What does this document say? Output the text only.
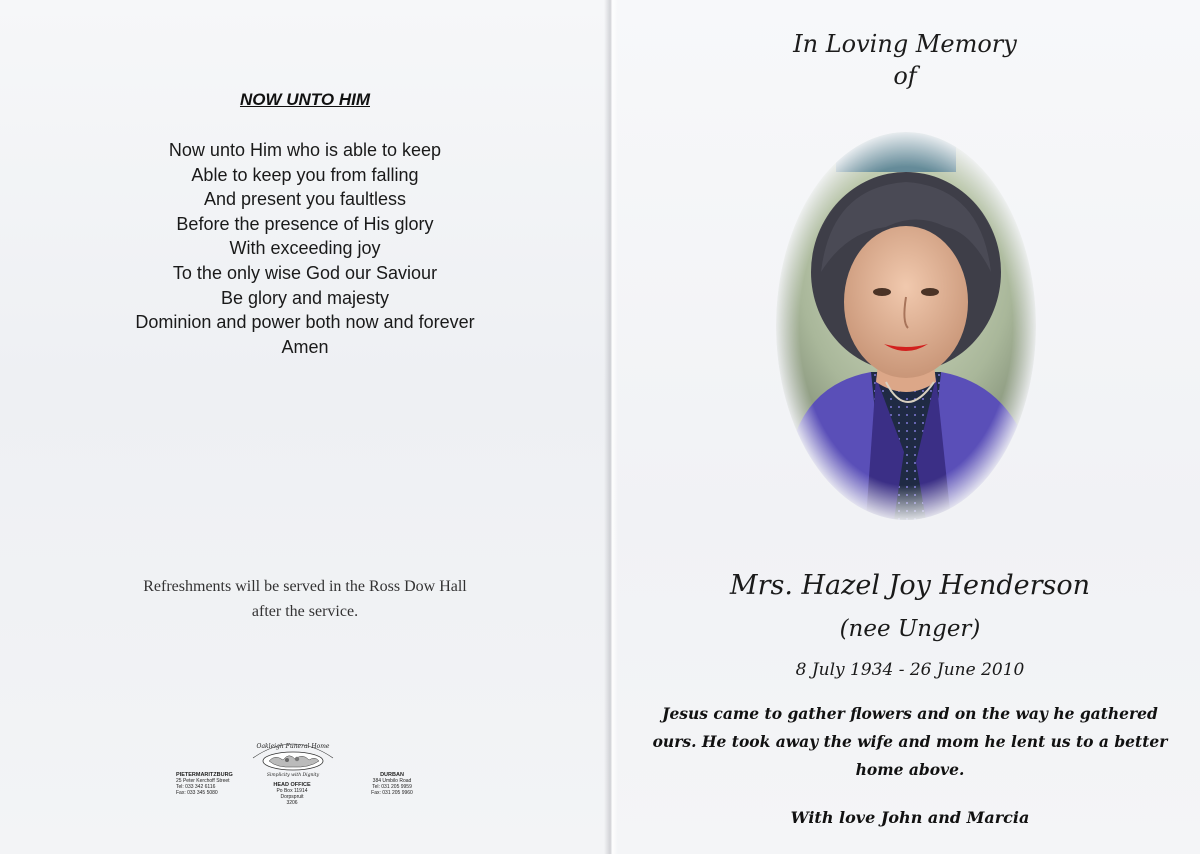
NOW UNTO HIM
Now unto Him who is able to keep
Able to keep you from falling
And present you faultless
Before the presence of His glory
With exceeding joy
To the only wise God our Saviour
Be glory and majesty
Dominion and power both now and forever
Amen
Refreshments will be served in the Ross Dow Hall
after the service.
Oakleigh Funeral Home
Simplicity with Dignity
PIETERMARITZBURG
25 Peter Kerchoff Street
Tel: 033 342 6116
Fax: 033 345 5080
HEAD OFFICE
Po Box 11914
Dorpspruit
3206
DURBAN
384 Umbilo Road
Tel: 031 205 9959
Fax: 031 205 9960
In Loving Memory
of
Mrs. Hazel Joy Henderson
(nee Unger)
8 July 1934 - 26 June 2010
Jesus came to gather flowers and on the way he gathered
ours. He took away the wife and mom he lent us to a better
home above.
With love John and Marcia
